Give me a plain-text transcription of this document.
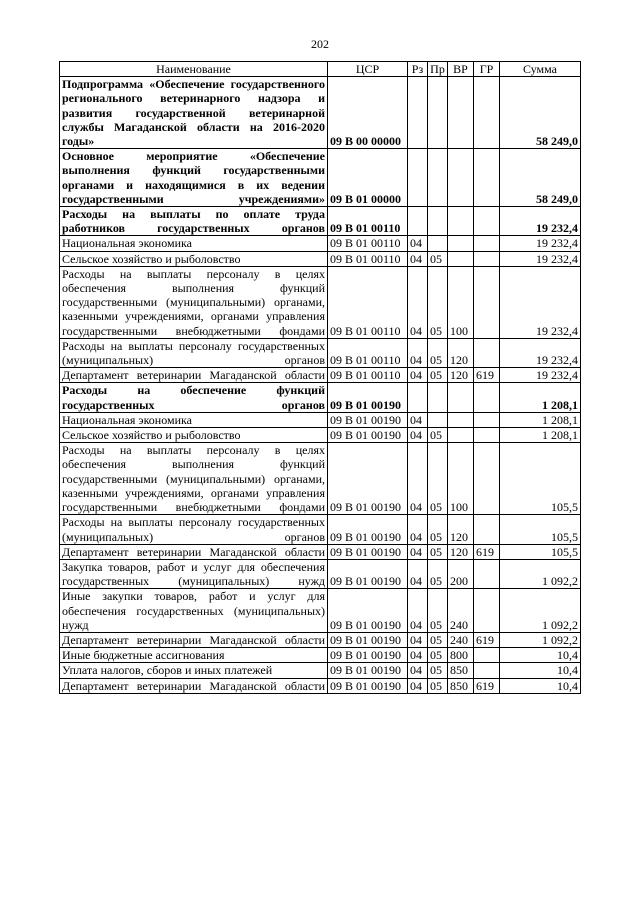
202
Наименование	ЦСР	Рз	Пр	ВР	ГР	Сумма
Подпрограмма «Обеспечение государственного регионального ветеринарного надзора и развития государственной ветеринарной службы Магаданской области на 2016-2020 годы»	09 В 00 00000					58 249,0
Основное мероприятие «Обеспечение выполнения функций государственными органами и находящимися в их ведении государственными учреждениями»	09 В 01 00000					58 249,0
Расходы на выплаты по оплате труда работников государственных органов	09 В 01 00110					19 232,4
Национальная экономика	09 В 01 00110	04				19 232,4
Сельское хозяйство и рыболовство	09 В 01 00110	04	05			19 232,4
Расходы на выплаты персоналу в целях обеспечения выполнения функций государственными (муниципальными) органами, казенными учреждениями, органами управления государственными внебюджетными фондами	09 В 01 00110	04	05	100		19 232,4
Расходы на выплаты персоналу государственных (муниципальных) органов	09 В 01 00110	04	05	120		19 232,4
Департамент ветеринарии Магаданской области	09 В 01 00110	04	05	120	619	19 232,4
Расходы на обеспечение функций государственных органов	09 В 01 00190					1 208,1
Национальная экономика	09 В 01 00190	04				1 208,1
Сельское хозяйство и рыболовство	09 В 01 00190	04	05			1 208,1
Расходы на выплаты персоналу в целях обеспечения выполнения функций государственными (муниципальными) органами, казенными учреждениями, органами управления государственными внебюджетными фондами	09 В 01 00190	04	05	100		105,5
Расходы на выплаты персоналу государственных (муниципальных) органов	09 В 01 00190	04	05	120		105,5
Департамент ветеринарии Магаданской области	09 В 01 00190	04	05	120	619	105,5
Закупка товаров, работ и услуг для обеспечения государственных (муниципальных) нужд	09 В 01 00190	04	05	200		1 092,2
Иные закупки товаров, работ и услуг для обеспечения государственных (муниципальных) нужд	09 В 01 00190	04	05	240		1 092,2
Департамент ветеринарии Магаданской области	09 В 01 00190	04	05	240	619	1 092,2
Иные бюджетные ассигнования	09 В 01 00190	04	05	800		10,4
Уплата налогов, сборов и иных платежей	09 В 01 00190	04	05	850		10,4
Департамент ветеринарии Магаданской области	09 В 01 00190	04	05	850	619	10,4
